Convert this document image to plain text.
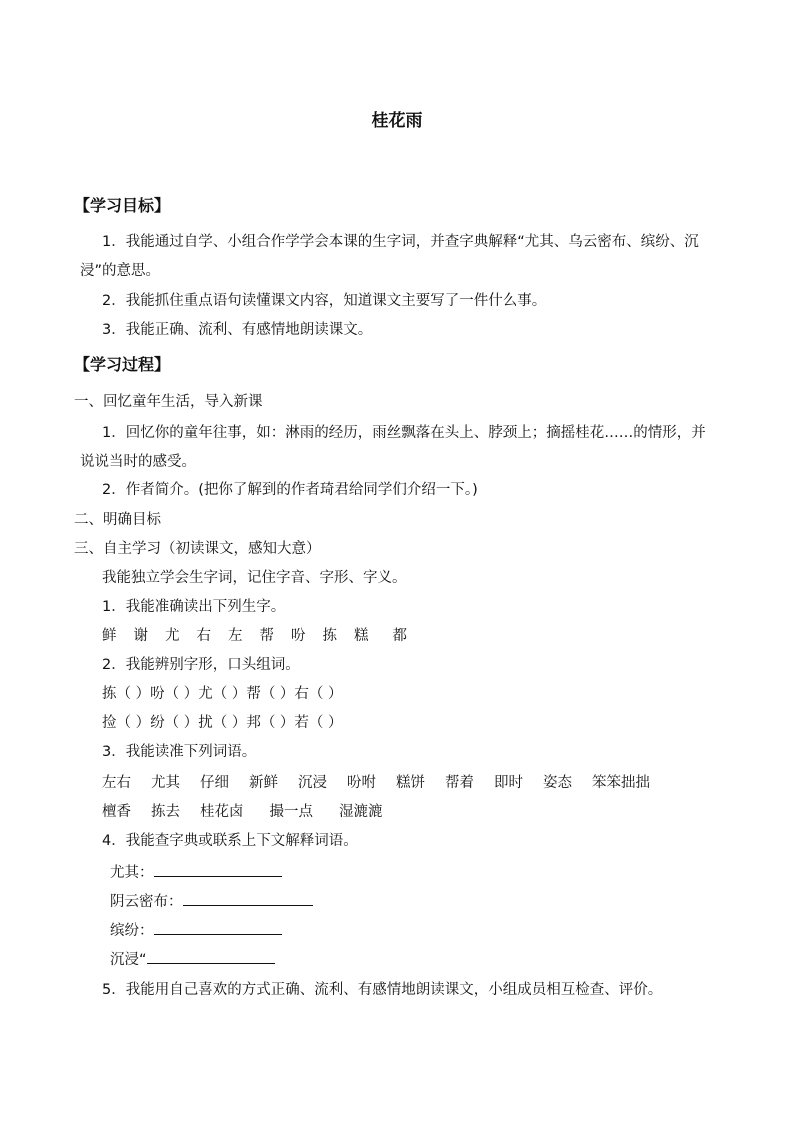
桂花雨
【学习目标】
1．我能通过自学、小组合作学学会本课的生字词，并查字典解释“尤其、乌云密布、缤纷、沉浸”的意思。
2．我能抓住重点语句读懂课文内容，知道课文主要写了一件什么事。
3．我能正确、流利、有感情地朗读课文。
【学习过程】
一、回忆童年生活，导入新课
1．回忆你的童年往事，如：淋雨的经历，雨丝飘落在头上、脖颈上；摘摇桂花……的情形，并说说当时的感受。
2．作者简介。(把你了解到的作者琦君给同学们介绍一下。)
二、明确目标
三、自主学习（初读课文，感知大意）
我能独立学会生字词，记住字音、字形、字义。
1．我能准确读出下列生字。
鲜 谢 尤 右 左 帮 吩 拣 糕 都
2．我能辨别字形，口头组词。
拣（ ）吩（ ）尤（ ）帮（ ）右（ ）
捡（ ）纷（ ）扰（ ）邦（ ）若（ ）
3．我能读准下列词语。
左右 尤其 仔细 新鲜 沉浸 吩咐 糕饼 帮着 即时 姿态 笨笨拙拙
檀香 拣去 桂花卤 撮一点 湿漉漉
4．我能查字典或联系上下文解释词语。
尤其：
阴云密布：
缤纷：
沉浸“
5．我能用自己喜欢的方式正确、流利、有感情地朗读课文，小组成员相互检查、评价。
